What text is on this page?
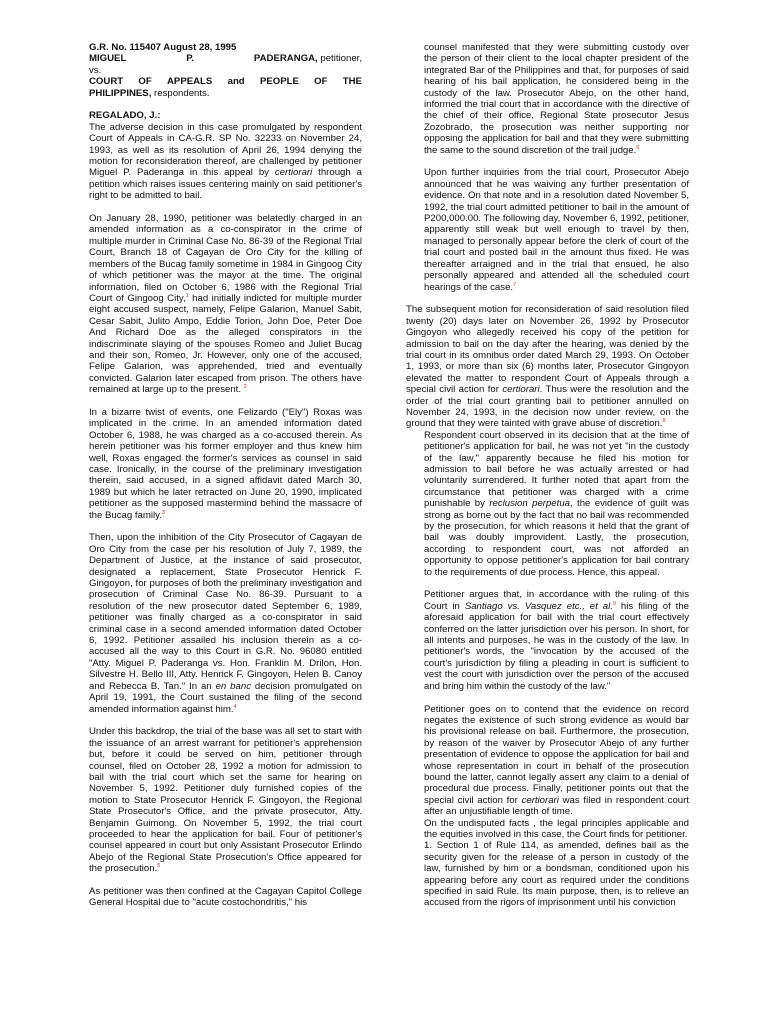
G.R. No. 115407 August 28, 1995
MIGUEL	P.	PADERANGA, petitioner,
vs.
COURT OF APPEALS and PEOPLE OF THE

PHILIPPINES, respondents.

REGALADO, J.:

The adverse decision in this case promulgated by respondent Court of Appeals in CA-G.R. SP No. 32233 on November 24, 1993, as well as its resolution of April 26, 1994 denying the motion for reconsideration thereof, are challenged by petitioner Miguel P. Paderanga in this appeal by certiorari through a petition which raises issues centering mainly on said petitioner's right to be admitted to bail.

On January 28, 1990, petitioner was belatedly charged in an amended information as a co-conspirator in the crime of multiple murder in Criminal Case No. 86-39 of the Regional Trial Court, Branch 18 of Cagayan de Oro City for the killing of members of the Bucag family sometime in 1984 in Gingoog City of which petitioner was the mayor at the time. The original information, filed on October 6, 1986 with the Regional Trial Court of Gingoog City,$^1$ had initially indicted for multiple murder eight accused suspect, namely, Felipe Galarion, Manuel Sabit, Cesar Sabit, Julito Ampo, Eddie Torion, John Doe, Peter Doe And Richard Doe as the alleged conspirators in the indiscriminate slaying of the spouses Romeo and Juliet Bucag and their son, Romeo, Jr. However, only one of the accused, Felipe Galarion, was apprehended, tried and eventually convicted. Galarion later escaped from prison. The others have remained at large up to the present. $^2$

In a bizarre twist of events, one Felizardo ("Ely") Roxas was implicated in the crime. In an amended information dated October 6, 1988, he was charged as a co-accused therein. As herein petitioner was his former employer and thus knew him well, Roxas engaged the former's services as counsel in said case. Ironically, in the course of the preliminary investigation therein, said accused, in a signed affidavit dated March 30, 1989 but which he later retracted on June 20, 1990, implicated petitioner as the supposed mastermind behind the massacre of the Bucag family.$^3$

Then, upon the inhibition of the City Prosecutor of Cagayan de Oro City from the case per his resolution of July 7, 1989, the Department of Justice, at the instance of said prosecutor, designated a replacement, State Prosecutor Henrick F. Gingoyon, for purposes of both the preliminary investigation and prosecution of Criminal Case No. 86-39. Pursuant to a resolution of the new prosecutor dated September 6, 1989, petitioner was finally charged as a co-conspirator in said criminal case in a second amended information dated October 6, 1992. Petitioner assailed his inclusion therein as a co-accused all the way to this Court in G.R. No. 96080 entitled "Atty. Miguel P. Paderanga vs. Hon. Franklin M. Drilon, Hon. Silvestre H. Bello III, Atty. Henrick F. Gingoyon, Helen B. Canoy and Rebecca B. Tan." In an en banc decision promulgated on April 19, 1991, the Court sustained the filing of the second amended information against him.$^4$

Under this backdrop, the trial of the base was all set to start with the issuance of an arrest warrant for petitioner's apprehension but, before it could be served on him, petitioner through counsel, filed on October 28, 1992 a motion for admission to bail with the trial court which set the same for hearing on November 5, 1992. Petitioner duly furnished copies of the motion to State Prosecutor Henrick F. Gingoyon, the Regional State Prosecutor's Office, and the private prosecutor, Atty. Benjamin Guimong. On November 5, 1992, the trial court proceeded to hear the application for bail. Four of petitioner's counsel appeared in court but only Assistant Prosecutor Erlindo Abejo of the Regional State Prosecution's Office appeared for the prosecution.$^5$

As petitioner was then confined at the Cagayan Capitol College General Hospital due to "acute costochondritis," his

counsel manifested that they were submitting custody over the person of their client to the local chapter president of the integrated Bar of the Philippines and that, for purposes of said hearing of his bail application, he considered being in the custody of the law. Prosecutor Abejo, on the other hand, informed the trial court that in accordance with the directive of the chief of their office, Regional State prosecutor Jesus Zozobrado, the prosecution was neither supporting nor opposing the application for bail and that they were submitting the same to the sound discretion of the trail judge.$^6$

Upon further inquiries from the trial court, Prosecutor Abejo announced that he was waiving any further presentation of evidence. On that note and in a resolution dated November 5, 1992, the trial court admitted petitioner to bail in the amount of P200,000.00. The following day, November 6, 1992, petitioner, apparently still weak but well enough to travel by then, managed to personally appear before the clerk of court of the trial court and posted bail in the amount thus fixed. He was thereafter arraigned and in the trial that ensued, he also personally appeared and attended all the scheduled court hearings of the case.$^7$

The subsequent motion for reconsideration of said resolution filed twenty (20) days later on November 26, 1992 by Prosecutor Gingoyon who allegedly received his copy of the petition for admission to bail on the day after the hearing, was denied by the trial court in its omnibus order dated March 29, 1993. On October 1, 1993, or more than six (6) months later, Prosecutor Gingoyon elevated the matter to respondent Court of Appeals through a special civil action for certiorari. Thus were the resolution and the order of the trial court granting bail to petitioner annulled on November 24, 1993, in the decision now under review, on the ground that they were tainted with grave abuse of discretion.$^8$

Respondent court observed in its decision that at the time of petitioner's application for bail, he was not yet "in the custody of the law," apparently because he filed his motion for admission to bail before he was actually arrested or had voluntarily surrendered. It further noted that apart from the circumstance that petitioner was charged with a crime punishable by reclusion perpetua, the evidence of guilt was strong as borne out by the fact that no bail was recommended by the prosecution, for which reasons it held that the grant of bail was doubly improvident. Lastly, the prosecution, according to respondent court, was not afforded an opportunity to oppose petitioner's application for bail contrary to the requirements of due process. Hence, this appeal.

Petitioner argues that, in accordance with the ruling of this Court in Santiago vs. Vasquez etc., et al.$^9$ his filing of the aforesaid application for bail with the trial court effectively conferred on the latter jurisdiction over his person. In short, for all intents and purposes, he was in the custody of the law. In petitioner's words, the "invocation by the accused of the court's jurisdiction by filing a pleading in court is sufficient to vest the court with jurisdiction over the person of the accused and bring him within the custody of the law."

Petitioner goes on to contend that the evidence on record negates the existence of such strong evidence as would bar his provisional release on bail. Furthermore, the prosecution, by reason of the waiver by Prosecutor Abejo of any further presentation of evidence to oppose the application for bail and whose representation in court in behalf of the prosecution bound the latter, cannot legally assert any claim to a denial of procedural due process. Finally, petitioner points out that the special civil action for certiorari was filed in respondent court after an unjustifiable length of time.

On the undisputed facts , the legal principles applicable and the equities involved in this case, the Court finds for petitioner.

1. Section 1 of Rule 114, as amended, defines bail as the security given for the release of a person in custody of the law, furnished by him or a bondsman, conditioned upon his appearing before any court as required under the conditions specified in said Rule. Its main purpose, then, is to relieve an accused from the rigors of imprisonment until his conviction
